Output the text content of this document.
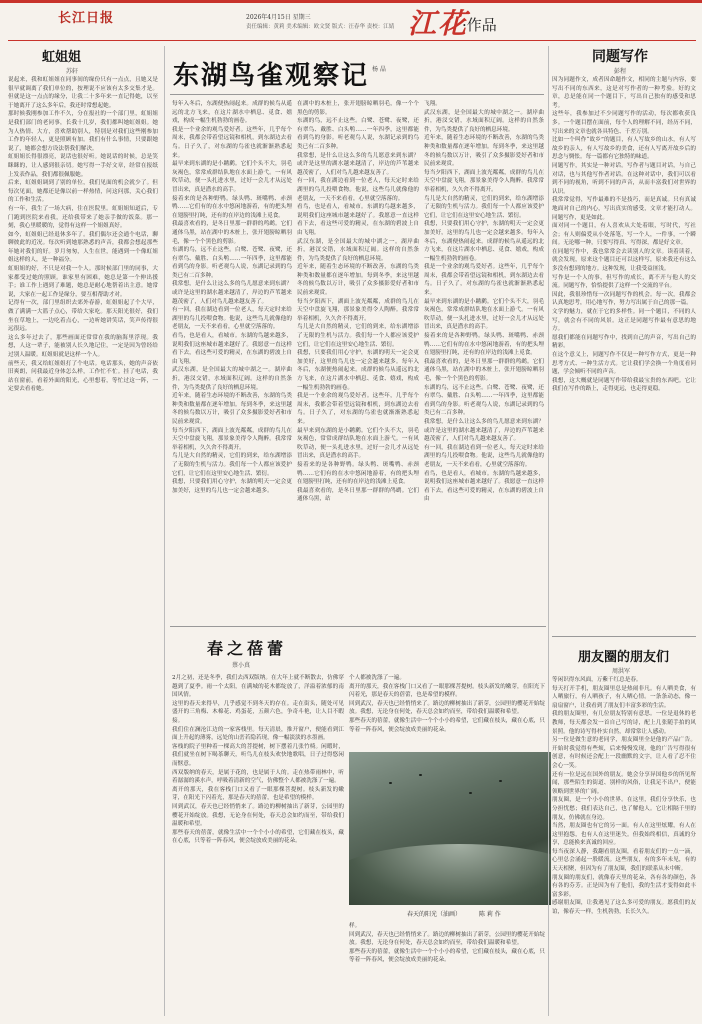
长江日报	2026年4月15日 星期三
责任编辑：黄莉 美术编辑：欧文贤 版式：汪春华 责校：江婧 江花
·作品
虹姐姐
苏轩
说起来，我和虹姐姐在同事间的缘份只有一点点，且她又是很早就调离了我们单位的，按理说不应该有太多交集才是。但就是这一点点的缘分，让我二十多年来一直记得她，以至于她离开了这么多年后，我还时常想起她。
那时候我刚参加工作不久，分在报社的一个部门里，虹姐姐是我们部门的老同事，长我十几岁，我们都叫她虹姐姐。她为人热情、大方，喜欢帮助别人，特别是对我们这些刚参加工作的年轻人，更是照顾有加。我们有什么事情，只要跟她说了，她都会想方设法帮我们解决。
虹姐姐长得很漂亮，说话也很好听。她说话的时候，总是笑眯眯的，让人感到很亲切。她写得一手好文章，经常在报纸上发表作品，我们都很佩服她。
后来，虹姐姐调到了别的单位，我们见面的机会就少了。但每次见面，她都还是像以前一样热情，问这问那，关心我们的工作和生活。
有一年，我生了一场大病，住在医院里。虹姐姐知道后，专门跑到医院来看我，还给我带来了她亲手做的饭菜。那一刻，我心里暖暖的，觉得有这样一个姐姐真好。
如今，虹姐姐已经退休多年了。我们偶尔还会通个电话，聊聊彼此的近况。每次听到她那熟悉的声音，我都会想起那些年她对我们的好。岁月匆匆，人生在世，能遇到一个像虹姐姐这样的人，是一种福分。
虹姐姐的好，不只是对我一个人。那时候部门里的同事，大家都受过她的照顾。谁家里有困难，她总是第一个伸出援手；谁工作上遇到了难题，她总是耐心地帮着出主意。她常说，大家在一起工作是缘分，要互相帮助才对。
记得有一次，部门里组织去郊外春游，虹姐姐起了个大早，做了满满一大篮子点心，带给大家吃。那天阳光很好，我们坐在草地上，一边吃着点心，一边听她讲笑话，笑声传得很远很远。
这么多年过去了，那些画面还常常在我的脑海里浮现。我想，人这一辈子，能被别人长久地记住，一定是因为曾经给过别人温暖。虹姐姐就是这样一个人。
前些天，我又给虹姐姐打了个电话。电话那头，她的声音依旧爽朗，问我最近身体怎么样，工作忙不忙。挂了电话，我站在窗前，看着外面的阳光，心里想着，等忙过这一阵，一定要去看看她。
东湖鸟雀观察记 杨 晶
每年入冬后，东湖便热闹起来。成群的候鸟从遥远的北方飞来，在这片湖水中栖息、觅食、嬉戏，构成一幅生机勃勃的画卷。
我是一个业余的观鸟爱好者。这些年，几乎每个周末，我都会带着望远镜和相机，到东湖边去看鸟。日子久了，对东湖的鸟雀也就渐渐熟悉起来。
最早来到东湖的是小䴙䴘。它们个头不大，羽毛灰褐色，常常成群结队地在水面上游弋。一有风吹草动，便一头扎进水里，过好一会儿才从远处冒出来，真是潜水的高手。
接着来的是各种野鸭。绿头鸭、斑嘴鸭、赤颈鸭……它们有的在水中悠闲地游着，有的把头埋在翅膀里打盹，还有的在岸边的浅滩上觅食。
我最喜欢看的，是冬日里那一群群的鸬鹚。它们通体乌黑，站在湖中的木桩上，张开翅膀晾晒羽毛，像一个个黑色的剪影。
东湖的鸟，远不止这些。白鹭、苍鹭、夜鹭，还有翠鸟、戴胜、白头鹎……一年四季，这里都能看到鸟的身影。听老观鸟人说，东湖记录到的鸟类已有二百多种。
我常想，是什么让这么多的鸟儿愿意来到东湖？或许是这里的湖水越来越清了，岸边的芦苇越来越茂密了，人们对鸟儿越来越友善了。
有一回，我在湖边看到一位老人，每天定时来给湖里的鸟儿投喂食物。他说，这些鸟儿就像他的老朋友，一天不来看看，心里就空落落的。
看鸟，也是看人，看城市。东湖的鸟越来越多，说明我们这座城市越来越好了。我愿意一直这样看下去，看这些可爱的精灵，在东湖的碧波上自由飞翔。
武汉东湖，是全国最大的城中湖之一。湖岸曲折，港汊交错，水域面积辽阔。这样的自然条件，为鸟类提供了良好的栖息环境。
近年来，随着生态环境的不断改善，东湖的鸟类种类和数量都在逐年增加。每到冬季，来这里越冬的候鸟数以万计，吸引了众多摄影爱好者和市民前来观赏。
每当夕阳西下，湖面上波光粼粼，成群的鸟儿在天空中盘旋飞翔，那景象美得令人陶醉。我常常举着相机，久久舍不得离开。
鸟儿是大自然的精灵，它们的到来，给东湖增添了无限的生机与活力。我们每一个人都应该爱护它们，让它们在这里安心地生活、繁衍。
我想，只要我们用心守护，东湖的明天一定会更加美好，这里的鸟儿也一定会越来越多。
在湖中的木桩上，张开翅膀晾晒羽毛，像一个个黑色的剪影。
东湖的鸟，远不止这些。白鹭、苍鹭、夜鹭，还有翠鸟、戴胜、白头鹎……一年四季，这里都能看到鸟的身影。听老观鸟人说，东湖记录到的鸟类已有二百多种。
我常想，是什么让这么多的鸟儿愿意来到东湖？或许是这里的湖水越来越清了，岸边的芦苇越来越茂密了，人们对鸟儿越来越友善了。
有一回，我在湖边看到一位老人，每天定时来给湖里的鸟儿投喂食物。他说，这些鸟儿就像他的老朋友，一天不来看看，心里就空落落的。
看鸟，也是看人，看城市。东湖的鸟越来越多，说明我们这座城市越来越好了。我愿意一直这样看下去，看这些可爱的精灵，在东湖的碧波上自由飞翔。
武汉东湖，是全国最大的城中湖之一。湖岸曲折，港汊交错，水域面积辽阔。这样的自然条件，为鸟类提供了良好的栖息环境。
近年来，随着生态环境的不断改善，东湖的鸟类种类和数量都在逐年增加。每到冬季，来这里越冬的候鸟数以万计，吸引了众多摄影爱好者和市民前来观赏。
每当夕阳西下，湖面上波光粼粼，成群的鸟儿在天空中盘旋飞翔，那景象美得令人陶醉。我常常举着相机，久久舍不得离开。
鸟儿是大自然的精灵，它们的到来，给东湖增添了无限的生机与活力。我们每一个人都应该爱护它们，让它们在这里安心地生活、繁衍。
我想，只要我们用心守护，东湖的明天一定会更加美好，这里的鸟儿也一定会越来越多。每年入冬后，东湖便热闹起来。成群的候鸟从遥远的北方飞来，在这片湖水中栖息、觅食、嬉戏，构成一幅生机勃勃的画卷。
我是一个业余的观鸟爱好者。这些年，几乎每个周末，我都会带着望远镜和相机，到东湖边去看鸟。日子久了，对东湖的鸟雀也就渐渐熟悉起来。
最早来到东湖的是小䴙䴘。它们个头不大，羽毛灰褐色，常常成群结队地在水面上游弋。一有风吹草动，便一头扎进水里，过好一会儿才从远处冒出来，真是潜水的高手。
接着来的是各种野鸭。绿头鸭、斑嘴鸭、赤颈鸭……它们有的在水中悠闲地游着，有的把头埋在翅膀里打盹，还有的在岸边的浅滩上觅食。
我最喜欢看的，是冬日里那一群群的鸬鹚。它们通体乌黑，站
飞翔。
武汉东湖，是全国最大的城中湖之一。湖岸曲折，港汊交错，水域面积辽阔。这样的自然条件，为鸟类提供了良好的栖息环境。
近年来，随着生态环境的不断改善，东湖的鸟类种类和数量都在逐年增加。每到冬季，来这里越冬的候鸟数以万计，吸引了众多摄影爱好者和市民前来观赏。
每当夕阳西下，湖面上波光粼粼，成群的鸟儿在天空中盘旋飞翔，那景象美得令人陶醉。我常常举着相机，久久舍不得离开。
鸟儿是大自然的精灵，它们的到来，给东湖增添了无限的生机与活力。我们每一个人都应该爱护它们，让它们在这里安心地生活、繁衍。
我想，只要我们用心守护，东湖的明天一定会更加美好，这里的鸟儿也一定会越来越多。每年入冬后，东湖便热闹起来。成群的候鸟从遥远的北方飞来，在这片湖水中栖息、觅食、嬉戏，构成一幅生机勃勃的画卷。
我是一个业余的观鸟爱好者。这些年，几乎每个周末，我都会带着望远镜和相机，到东湖边去看鸟。日子久了，对东湖的鸟雀也就渐渐熟悉起来。
最早来到东湖的是小䴙䴘。它们个头不大，羽毛灰褐色，常常成群结队地在水面上游弋。一有风吹草动，便一头扎进水里，过好一会儿才从远处冒出来，真是潜水的高手。
接着来的是各种野鸭。绿头鸭、斑嘴鸭、赤颈鸭……它们有的在水中悠闲地游着，有的把头埋在翅膀里打盹，还有的在岸边的浅滩上觅食。
我最喜欢看的，是冬日里那一群群的鸬鹚。它们通体乌黑，站在湖中的木桩上，张开翅膀晾晒羽毛，像一个个黑色的剪影。
东湖的鸟，远不止这些。白鹭、苍鹭、夜鹭，还有翠鸟、戴胜、白头鹎……一年四季，这里都能看到鸟的身影。听老观鸟人说，东湖记录到的鸟类已有二百多种。
我常想，是什么让这么多的鸟儿愿意来到东湖？或许是这里的湖水越来越清了，岸边的芦苇越来越茂密了，人们对鸟儿越来越友善了。
有一回，我在湖边看到一位老人，每天定时来给湖里的鸟儿投喂食物。他说，这些鸟儿就像他的老朋友，一天不来看看，心里就空落落的。
看鸟，也是看人，看城市。东湖的鸟越来越多，说明我们这座城市越来越好了。我愿意一直这样看下去，看这些可爱的精灵，在东湖的碧波上自由
春之蓓蕾
蔡小真
2月之初，还是冬季，我们去西双版纳。在大年上就不断散去，仿佛穿越到了夏季。雨一个太阳，在满城的花木都绽放了，洋溢着浓郁的南国风情。
这里的春天来得早，几乎感觉不到冬天的存在。走在街头，随处可见盛开的三角梅、木棉花、鸡蛋花，五颜六色，争奇斗艳，让人目不暇接。
我们住在澜沧江边的一家客栈里。每天清晨，推开窗户，便能看到江面上升起的薄雾，远处的山峦若隐若现，像一幅淡淡的水墨画。
客栈的院子里种着一棵高大的菩提树，树下摆着几张竹椅。闲暇时，我们就坐在树下喝茶聊天，听鸟儿在枝头欢快地歌唱，日子过得悠闲而惬意。
西双版纳的春天，是属于花的，也是属于人的。走在热带雨林中，听着潺潺的溪水声，呼吸着清新的空气，仿佛整个人都被洗涤了一遍。
离开的那天，我在客栈门口又看了一眼那棵菩提树。枝头新发的嫩芽，在阳光下闪着光，那是春天的蓓蕾，也是希望的模样。
回到武汉，春天也已经悄悄来了。路边的柳树抽出了新芽，公园里的樱花开始绽放。我想，无论身在何处，春天总会如约而至，带给我们温暖和希望。
那些春天的蓓蕾，就像生活中一个个小小的希望，它们藏在枝头，藏在心底，只等着一阵春风，便会绽放成美丽的花朵。
个人都被洗涤了一遍。
离开的那天，我在客栈门口又看了一眼那棵菩提树。枝头新发的嫩芽，在阳光下闪着光，那是春天的蓓蕾，也是希望的模样。
回到武汉，春天也已经悄悄来了。路边的柳树抽出了新芽，公园里的樱花开始绽放。我想，无论身在何处，春天总会如约而至，带给我们温暖和希望。
那些春天的蓓蕾，就像生活中一个个小小的希望，它们藏在枝头，藏在心底，只等着一阵春风，便会绽放成美丽的花朵。
春天的阳光（油画）	陈 莉 作
样。
回到武汉，春天也已经悄悄来了。路边的柳树抽出了新芽，公园里的樱花开始绽放。我想，无论身在何处，春天总会如约而至，带给我们温暖和希望。
那些春天的蓓蕾，就像生活中一个个小小的希望，它们藏在枝头，藏在心底，只等着一阵春风，便会绽放成美丽的花朵。
同题写作
彭程
因为同题作文，成者因命题作文，相同的主题与内容，要写出不同的东西来，这是对写作者的一种考验。好的文章，总是能在同一个题目下，写出自己独有的感受和思考。
这些年，我参加过不少同题写作的活动，每次都收获良多。一个题目摆在面前，每个人的理解不同，经历不同，写出来的文章也就各具特色、千差万别。
比如一个叫作“故乡”的题目，有人写故乡的山水，有人写故乡的亲人，有人写故乡的美食，还有人写离开故乡后的思念与惆怅。每一篇都有它独特的味道。
同题写作，其实是一种对话。写作者与题目对话，与自己对话，也与其他写作者对话。在这种对话中，我们可以看到不同的视角，听到不同的声音，从而丰富我们对世界的认识。
我常常觉得，写作最难的不是技巧，而是真诚。只有真诚地面对自己的内心，写出真实的感受，文章才能打动人。同题写作，更是如此。
面对同一个题目，有人喜欢从大处着眼，写时代，写社会；有人则偏爱从小处落笔，写一个人，一件事，一个瞬间。无论哪一种，只要写得真、写得深，都是好文章。
在同题写作中，我也常常会去读别人的文章。读着读着，就会发现，原来这个题目还可以这样写，原来我还有这么多没有想到的地方。这种发现，让我受益匪浅。
写作是一个人的事，但写作的成长，离不开与他人的交流。同题写作，恰恰提供了这样一个交流的平台。
因此，我很珍惜每一次同题写作的机会。每一次，我都会认真地思考，用心地写作，努力写出属于自己的那一篇。
文学的魅力，就在于它的多样性。同一个题目，不同的人写，就会有不同的风景。这正是同题写作最有意思的地方。
愿我们都能在同题写作中，找到自己的声音，写出自己的精彩。
在这个意义上，同题写作不仅是一种写作方式，更是一种思考方式、一种生活方式。它让我们学会换一个角度看问题，学会倾听不同的声音。
我想，这大概就是同题写作带给我最宝贵的东西吧。它让我们在写作的路上，走得更远，也走得更稳。
朋友圈的朋友们
周洪军
等闲识得东风面，万紫千红总是春。
每天打开手机，朋友圈里总是热闹非凡。有人晒美食，有人晒旅行，有人晒孩子，有人晒心情。一条条动态，像一扇扇窗户，让我看到了朋友们丰富多彩的生活。
我的朋友圈里，有几位朋友特别有意思。一位是退休的老教师，每天都会发一首自己写的诗，配上几张随手拍的风景照。他的诗写得朴实自然，却常常让人感动。
另一位是做生意的老同学，朋友圈里全是他的产品广告。开始时我觉得有些烦，后来慢慢发现，他的广告写得很有创意，有时候还会配上一段幽默的文字，让人看了忍不住会心一笑。
还有一位是远在国外的朋友。她会分享异国他乡的所见所闻，那些陌生的街道、别样的风俗，让我足不出户，便能领略到世界的广阔。
朋友圈，是一个小小的世界。在这里，我们分享快乐，也分担忧愁；我们表达自己，也了解他人。它让相隔千里的朋友，仿佛就在身边。
当然，朋友圈也有它的另一面。有人在这里炫耀，有人在这里抱怨，也有人在这里迷失。但我始终相信，真诚的分享，总能换来真诚的回应。
每当夜深人静，我翻看朋友圈，看着朋友们的一点一滴，心里总会涌起一股暖流。这些朋友，有的多年未见，有的天天相聚，但因为有了朋友圈，我们的联系从未中断。
朋友圈的朋友们，就像春天里的花朵，各有各的颜色，各有各的芬芳。正是因为有了他们，我的生活才变得如此丰富多彩。
感谢朋友圈，让我遇见了这么多可爱的朋友。愿我们的友谊，像春天一样，生机勃勃，长长久久。
